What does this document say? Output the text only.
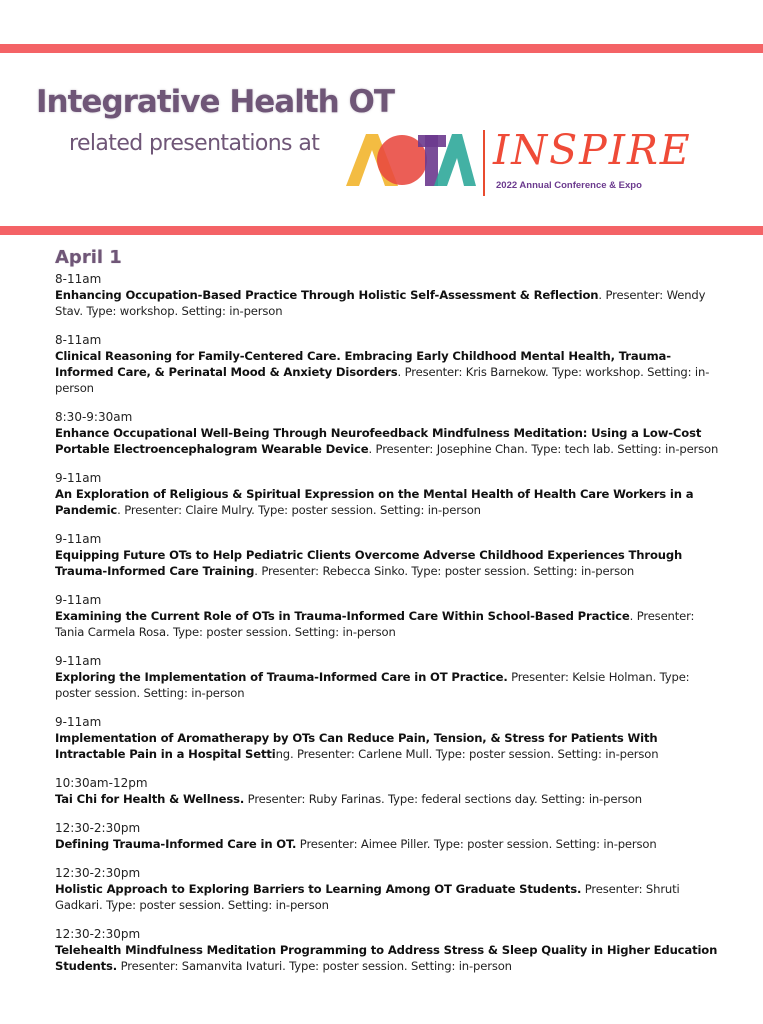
Integrative Health OT
related presentations at	INSPIRE
2022 Annual Conference & Expo
April 1
8-11am
Enhancing Occupation-Based Practice Through Holistic Self-Assessment & Reflection. Presenter: Wendy Stav. Type: workshop. Setting: in-person
8-11am
Clinical Reasoning for Family-Centered Care. Embracing Early Childhood Mental Health, Trauma-Informed Care, & Perinatal Mood & Anxiety Disorders. Presenter: Kris Barnekow. Type: workshop. Setting: in-person
8:30-9:30am
Enhance Occupational Well-Being Through Neurofeedback Mindfulness Meditation: Using a Low-Cost Portable Electroencephalogram Wearable Device. Presenter: Josephine Chan. Type: tech lab. Setting: in-person
9-11am
An Exploration of Religious & Spiritual Expression on the Mental Health of Health Care Workers in a Pandemic. Presenter: Claire Mulry. Type: poster session. Setting: in-person
9-11am
Equipping Future OTs to Help Pediatric Clients Overcome Adverse Childhood Experiences Through Trauma-Informed Care Training. Presenter: Rebecca Sinko. Type: poster session. Setting: in-person
9-11am
Examining the Current Role of OTs in Trauma-Informed Care Within School-Based Practice. Presenter: Tania Carmela Rosa. Type: poster session. Setting: in-person
9-11am
Exploring the Implementation of Trauma-Informed Care in OT Practice. Presenter: Kelsie Holman. Type: poster session. Setting: in-person
9-11am
Implementation of Aromatherapy by OTs Can Reduce Pain, Tension, & Stress for Patients With Intractable Pain in a Hospital Setting. Presenter: Carlene Mull. Type: poster session. Setting: in-person
10:30am-12pm
Tai Chi for Health & Wellness. Presenter: Ruby Farinas. Type: federal sections day. Setting: in-person
12:30-2:30pm
Defining Trauma-Informed Care in OT. Presenter: Aimee Piller. Type: poster session. Setting: in-person
12:30-2:30pm
Holistic Approach to Exploring Barriers to Learning Among OT Graduate Students. Presenter: Shruti Gadkari. Type: poster session. Setting: in-person
12:30-2:30pm
Telehealth Mindfulness Meditation Programming to Address Stress & Sleep Quality in Higher Education Students. Presenter: Samanvita Ivaturi. Type: poster session. Setting: in-person
